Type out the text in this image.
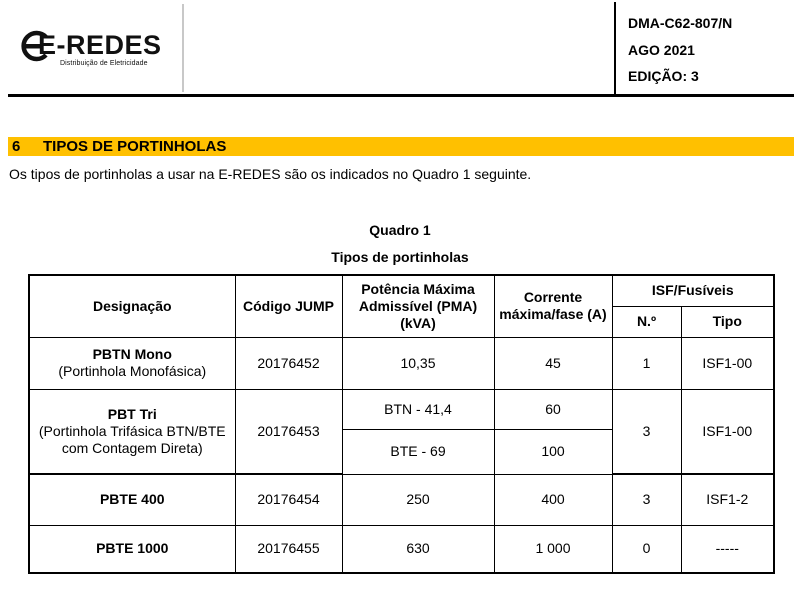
E-REDES
Distribuição de Eletricidade
DMA-C62-807/N
AGO 2021
EDIÇÃO: 3
6 TIPOS DE PORTINHOLAS
Os tipos de portinholas a usar na E-REDES são os indicados no Quadro 1 seguinte.
Quadro 1
Tipos de portinholas
Designação	Código JUMP	Potência Máxima Admissível (PMA) (kVA)	Corrente máxima/fase (A)	ISF/Fusíveis	
				N.º	Tipo

PBTN Mono
(Portinhola Monofásica)	20176452	10,35	45	1	ISF1-00

PBT Tri
(Portinhola Trifásica BTN/BTE com Contagem Direta)	20176453	BTN - 41,4	60	3	ISF1-00
		BTE - 69	100		

PBTE 400	20176454	250	400	3	ISF1-2

PBTE 1000	20176455	630	1 000	0	-----
